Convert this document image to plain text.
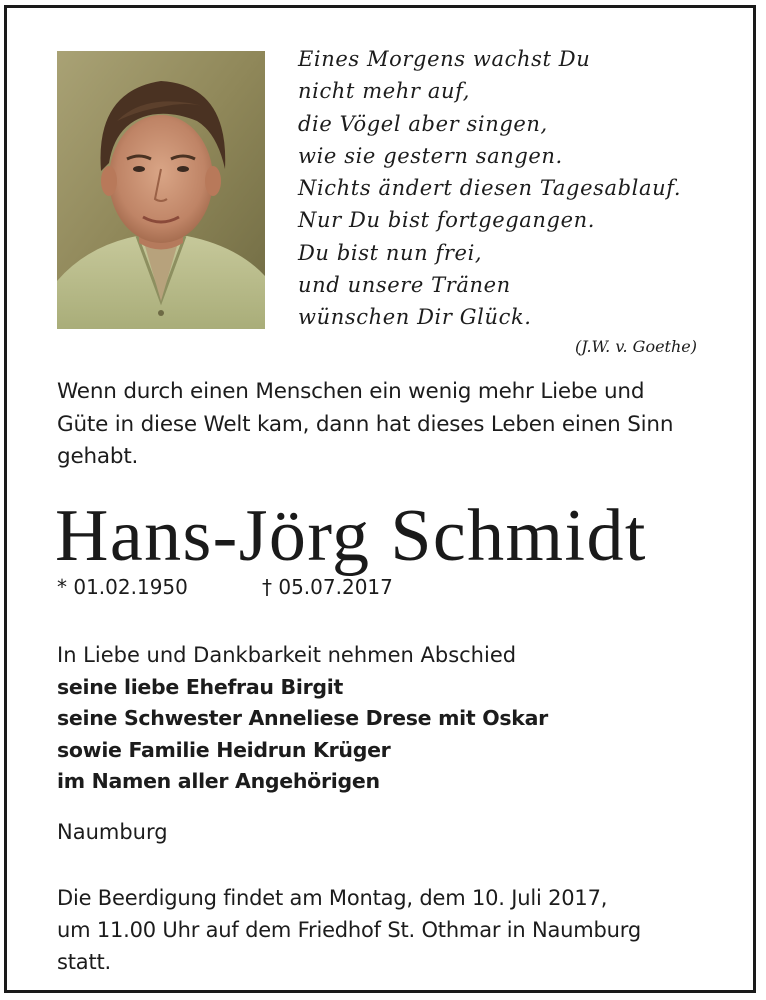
Eines Morgens wachst Du
nicht mehr auf,
die Vögel aber singen,
wie sie gestern sangen.
Nichts ändert diesen Tagesablauf.
Nur Du bist fortgegangen.
Du bist nun frei,
und unsere Tränen
wünschen Dir Glück.
(J.W. v. Goethe)
Wenn durch einen Menschen ein wenig mehr Liebe und
Güte in diese Welt kam, dann hat dieses Leben einen Sinn
gehabt.
Hans-Jörg Schmidt
* 01.02.1950	† 05.07.2017
In Liebe und Dankbarkeit nehmen Abschied
seine liebe Ehefrau Birgit
seine Schwester Anneliese Drese mit Oskar
sowie Familie Heidrun Krüger
im Namen aller Angehörigen
Naumburg
Die Beerdigung findet am Montag, dem 10. Juli 2017,
um 11.00 Uhr auf dem Friedhof St. Othmar in Naumburg
statt.
